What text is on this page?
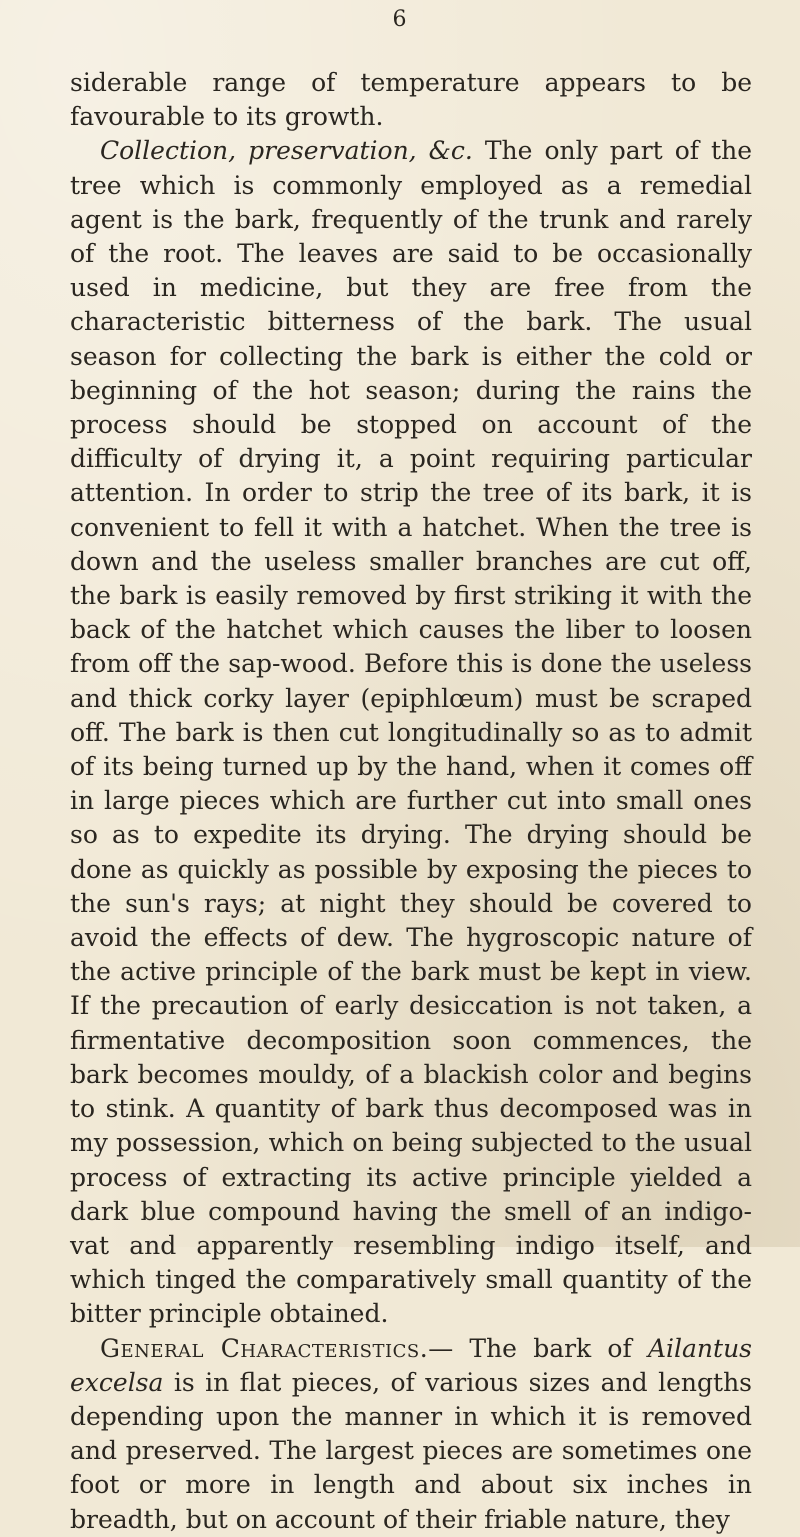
6

siderable range of temperature appears to be favourable to its growth.

Collection, preservation, &c. The only part of the tree which is commonly employed as a remedial agent is the bark, frequently of the trunk and rarely of the root. The leaves are said to be occasionally used in medicine, but they are free from the characteristic bitterness of the bark. The usual season for collecting the bark is either the cold or beginning of the hot season; during the rains the process should be stopped on account of the difficulty of drying it, a point requiring particular attention. In order to strip the tree of its bark, it is convenient to fell it with a hatchet. When the tree is down and the useless smaller branches are cut off, the bark is easily removed by first striking it with the back of the hatchet which causes the liber to loosen from off the sap-wood. Before this is done the useless and thick corky layer (epiphlœum) must be scraped off. The bark is then cut longitudinally so as to admit of its being turned up by the hand, when it comes off in large pieces which are further cut into small ones so as to expedite its drying. The drying should be done as quickly as possible by exposing the pieces to the sun's rays; at night they should be covered to avoid the effects of dew. The hygroscopic nature of the active principle of the bark must be kept in view. If the precaution of early desiccation is not taken, a firmentative decomposition soon commences, the bark becomes mouldy, of a blackish color and begins to stink. A quantity of bark thus decomposed was in my possession, which on being subjected to the usual process of extracting its active principle yielded a dark blue compound having the smell of an indigo-vat and apparently resembling indigo itself, and which tinged the comparatively small quantity of the bitter principle obtained.

General Characteristics.— The bark of Ailantus excelsa is in flat pieces, of various sizes and lengths depending upon the manner in which it is removed and preserved. The largest pieces are sometimes one foot or more in length and about six inches in breadth, but on account of their friable nature, they
